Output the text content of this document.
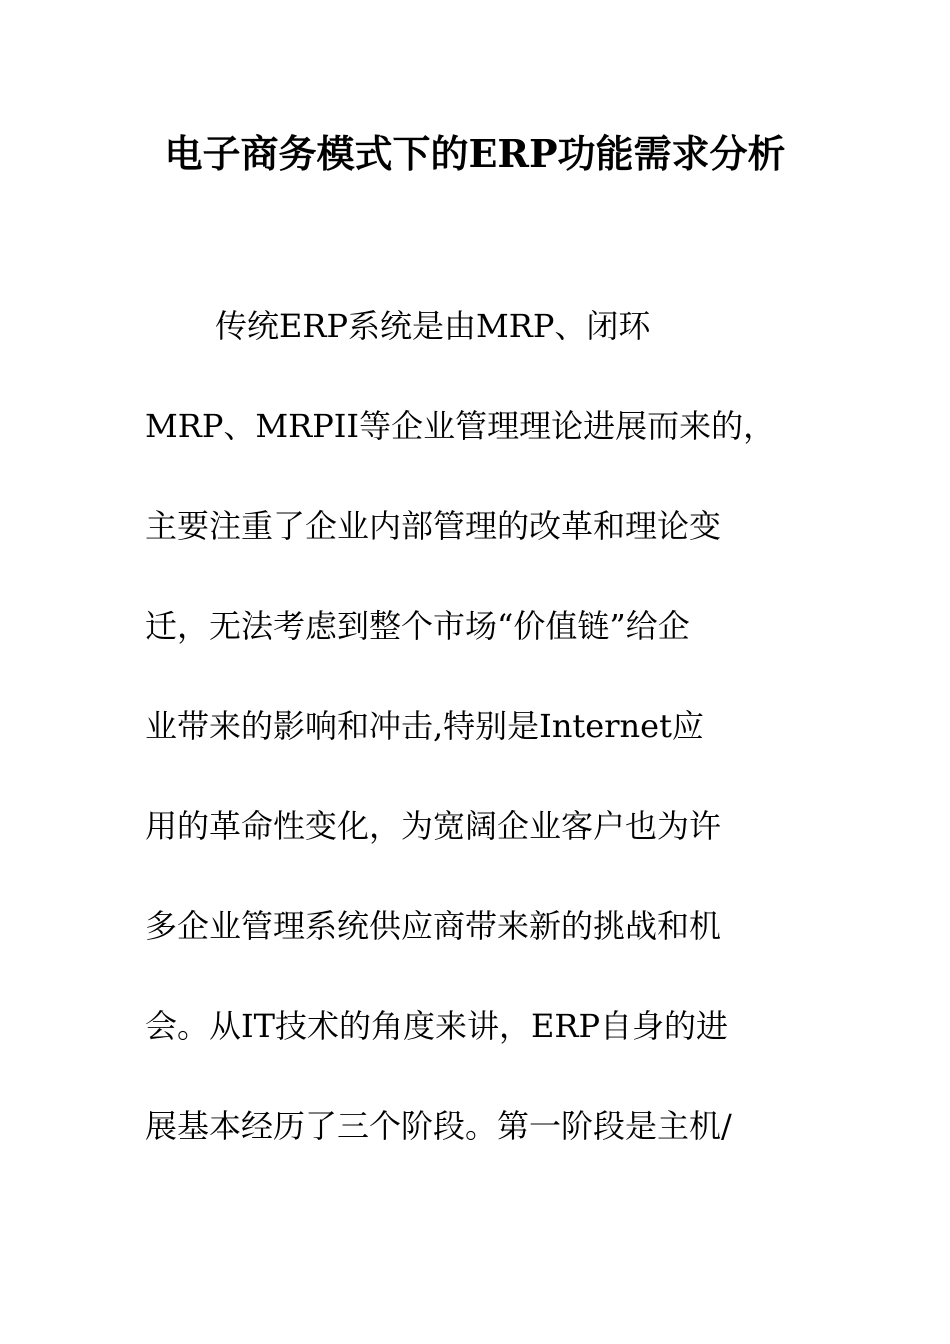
电子商务模式下的ERP功能需求分析
传统ERP系统是由MRP、闭环
MRP、MRPII等企业管理理论进展而来的，
主要注重了企业内部管理的改革和理论变
迁，无法考虑到整个市场“价值链”给企
业带来的影响和冲击,特别是Internet应
用的革命性变化，为宽阔企业客户也为许
多企业管理系统供应商带来新的挑战和机
会。从IT技术的角度来讲，ERP自身的进
展基本经历了三个阶段。第一阶段是主机/
